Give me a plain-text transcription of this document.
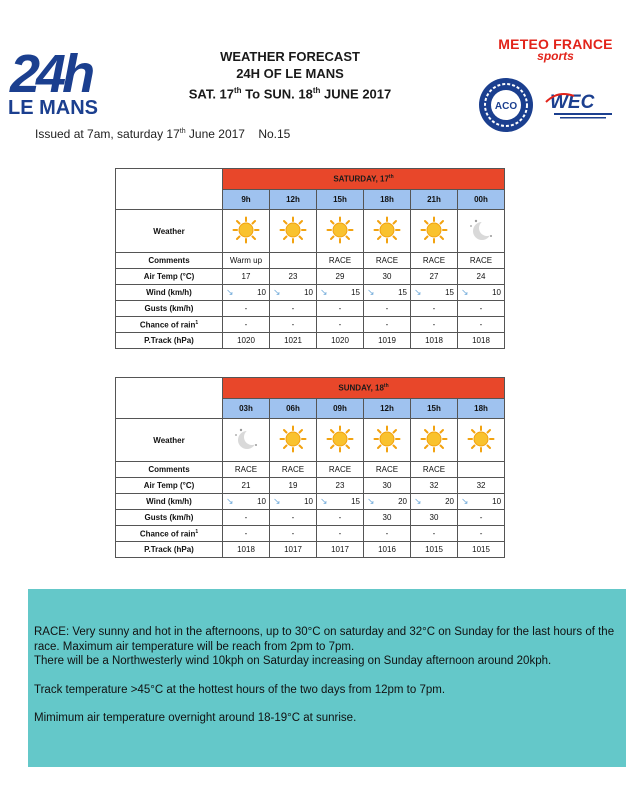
24h
LE MANS
WEATHER FORECAST
24H OF LE MANS
SAT. 17th To SUN. 18th JUNE 2017
METEO FRANCE
sports
ACO WEC
Issued at 7am, saturday 17th June 2017 No.15
	SATURDAY, 17th
	9h	12h	15h	18h	21h	00h
Weather						
Comments	Warm up		RACE	RACE	RACE	RACE
Air Temp (°C)	17	23	29	30	27	24
Wind (km/h)	↘ 10	↘ 10	↘ 15	↘ 15	↘ 15	↘ 10

Gusts (km/h)	-	-	-	-	-	-
Chance of rain$^1$	-	-	-	-	-	-
P.Track (hPa)	1020	1021	1020	1019	1018	1018
	SUNDAY, 18th
	03h	06h	09h	12h	15h	18h
Weather						
Comments	RACE	RACE	RACE	RACE	RACE	
Air Temp (°C)	21	19	23	30	32	32
Wind (km/h)	↘ 10	↘ 10	↘ 15	↘ 20	↘ 20	↘ 10

Gusts (km/h)	-	-	-	30	30	-
Chance of rain$^1$	-	-	-	-	-	-
P.Track (hPa)	1018	1017	1017	1016	1015	1015

RACE: Very sunny and hot in the afternoons, up to 30°C on saturday and 32°C on Sunday for the last hours of the race. Maximum air temperature will be reach from 2pm to 7pm.

There will be a Northwesterly wind 10kph on Saturday increasing on Sunday afternoon around 20kph.

Track temperature >45°C at the hottest hours of the two days from 12pm to 7pm.

Mimimum air temperature overnight around 18-19°C at sunrise.
